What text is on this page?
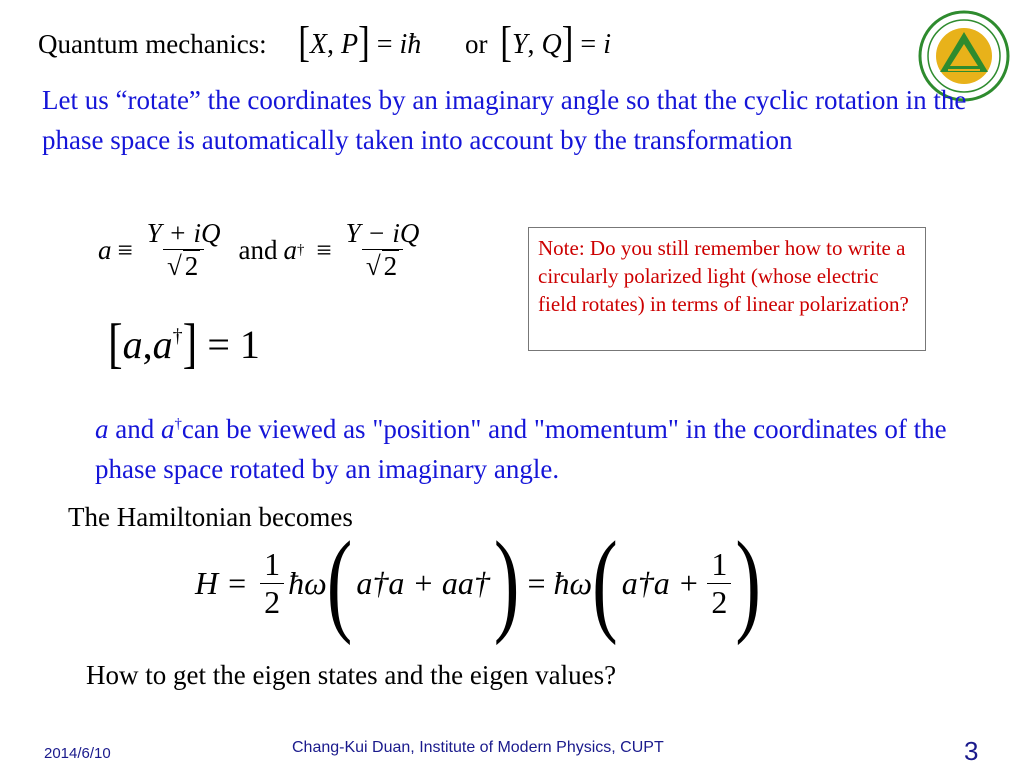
Quantum mechanics: [X, P] = iħ or [Y, Q] = i
Let us “rotate” the coordinates by an imaginary angle so that the cyclic rotation in the phase space is automatically taken into account by the transformation
$a \equiv \frac{Y + iQ}{√ 2}$ and a † ≡ $\frac{Y - iQ}{√ 2}$
[a,a†] = 1
Note: Do you still remember how to write a circularly polarized light (whose electric field rotates) in terms of linear polarization?
a and a†can be viewed as "position" and "momentum" in the coordinates of the phase space rotated by an imaginary angle.
The Hamiltonian becomes
$H = \frac{1}{2}$ ħω ( a†a + aa† ) = ħω ( a†a + $\frac{1}{2}$ )
How to get the eigen states and the eigen values?
2014/6/10	Chang-Kui Duan, Institute of Modern Physics, CUPT	3
